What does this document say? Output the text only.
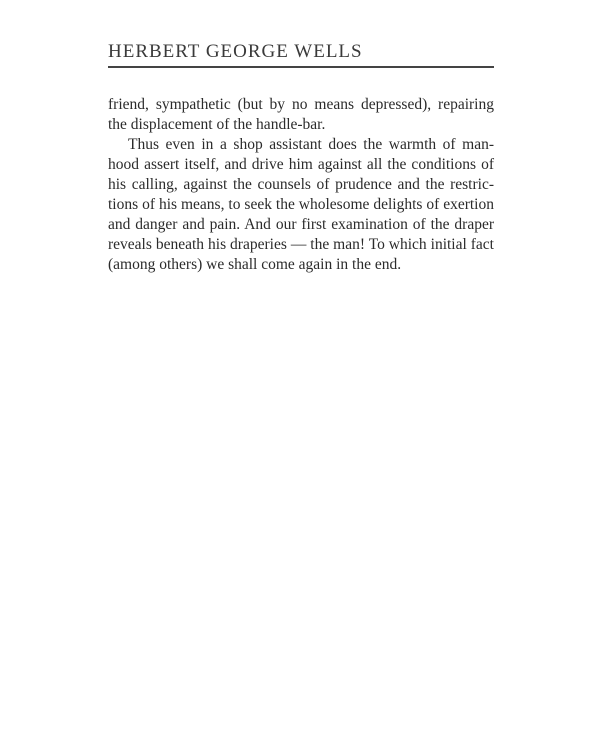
HERBERT GEORGE WELLS
friend, sympathetic (but by no means depressed), repairing
the displacement of the handle-bar.
Thus even in a shop assistant does the warmth of man-
hood assert itself, and drive him against all the conditions of
his calling, against the counsels of prudence and the restric-
tions of his means, to seek the wholesome delights of exertion
and danger and pain. And our first examination of the draper
reveals beneath his draperies — the man! To which initial fact
(among others) we shall come again in the end.
